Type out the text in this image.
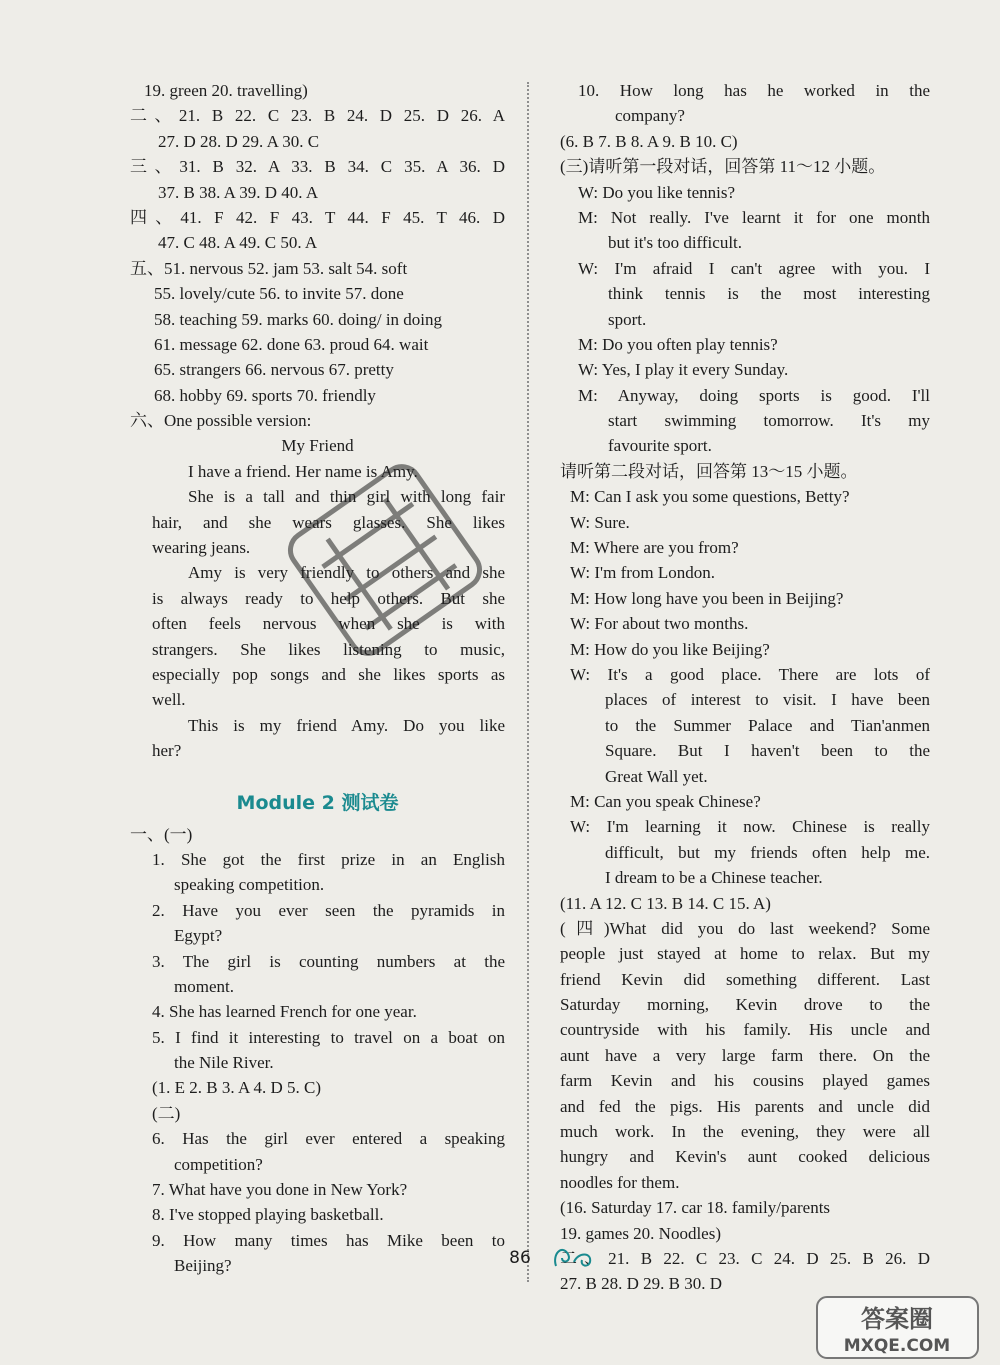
19. green 20. travelling)
二、21. B 22. C 23. B 24. D 25. D 26. A
27. D 28. D 29. A 30. C
三、31. B 32. A 33. B 34. C 35. A 36. D
37. B 38. A 39. D 40. A
四、41. F 42. F 43. T 44. F 45. T 46. D
47. C 48. A 49. C 50. A
五、51. nervous 52. jam 53. salt 54. soft
55. lovely/cute 56. to invite 57. done
58. teaching 59. marks 60. doing/ in doing
61. message 62. done 63. proud 64. wait
65. strangers 66. nervous 67. pretty
68. hobby 69. sports 70. friendly
六、One possible version:
My Friend
I have a friend. Her name is Amy.
She is a tall and thin girl with long fair
hair, and she wears glasses. She likes
wearing jeans.
Amy is very friendly to others and she
is always ready to help others. But she
often feels nervous when she is with
strangers. She likes listening to music,
especially pop songs and she likes sports as
well.
This is my friend Amy. Do you like
her?
Module 2 测试卷
一、(一)
1. She got the first prize in an English
speaking competition.
2. Have you ever seen the pyramids in
Egypt?
3. The girl is counting numbers at the
moment.
4. She has learned French for one year.
5. I find it interesting to travel on a boat on
the Nile River.
(1. E 2. B 3. A 4. D 5. C)
(二)
6. Has the girl ever entered a speaking
competition?
7. What have you done in New York?
8. I've stopped playing basketball.
9. How many times has Mike been to
Beijing?
10. How long has he worked in the
company?
(6. B 7. B 8. A 9. B 10. C)
(三)请听第一段对话，回答第 11～12 小题。
W: Do you like tennis?
M: Not really. I've learnt it for one month
but it's too difficult.
W: I'm afraid I can't agree with you. I
think tennis is the most interesting
sport.
M: Do you often play tennis?
W: Yes, I play it every Sunday.
M: Anyway, doing sports is good. I'll
start swimming tomorrow. It's my
favourite sport.
请听第二段对话，回答第 13～15 小题。
M: Can I ask you some questions, Betty?
W: Sure.
M: Where are you from?
W: I'm from London.
M: How long have you been in Beijing?
W: For about two months.
M: How do you like Beijing?
W: It's a good place. There are lots of
places of interest to visit. I have been
to the Summer Palace and Tian'anmen
Square. But I haven't been to the
Great Wall yet.
M: Can you speak Chinese?
W: I'm learning it now. Chinese is really
difficult, but my friends often help me.
I dream to be a Chinese teacher.
(11. A 12. C 13. B 14. C 15. A)
(四)What did you do last weekend? Some
people just stayed at home to relax. But my
friend Kevin did something different. Last
Saturday morning, Kevin drove to the
countryside with his family. His uncle and
aunt have a very large farm there. On the
farm Kevin and his cousins played games
and fed the pigs. His parents and uncle did
much work. In the evening, they were all
hungry and Kevin's aunt cooked delicious
noodles for them.
(16. Saturday 17. car 18. family/parents
19. games 20. Noodles)
二、21. B 22. C 23. C 24. D 25. B 26. D
27. B 28. D 29. B 30. D
86
答案圈
MXQE.COM
